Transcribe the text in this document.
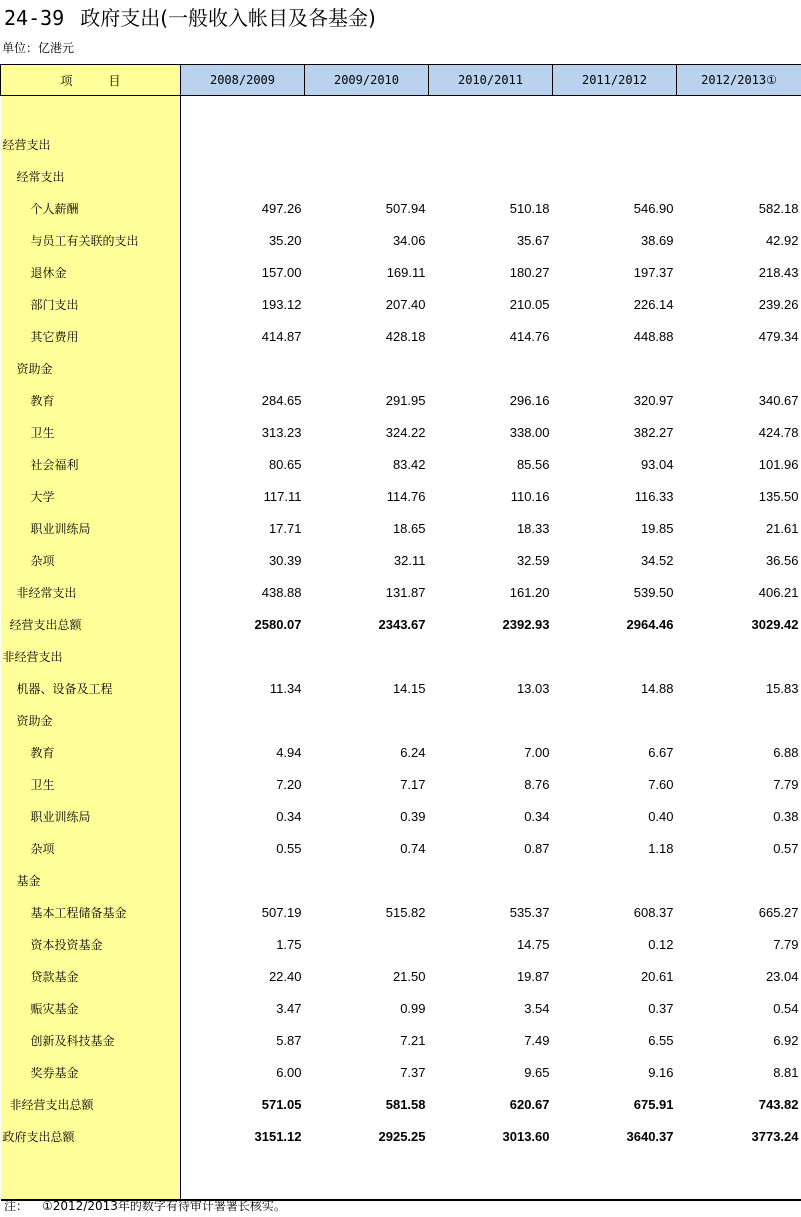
24-39 政府支出(一般收入帐目及各基金)
单位：亿港元
项 目	2008/2009	2009/2010	2010/2011	2011/2012	2012/2013①

经营支出					
经常支出					
个人薪酬	497.26	507.94	510.18	546.90	582.18
与员工有关联的支出	35.20	34.06	35.67	38.69	42.92
退休金	157.00	169.11	180.27	197.37	218.43
部门支出	193.12	207.40	210.05	226.14	239.26
其它费用	414.87	428.18	414.76	448.88	479.34
资助金					
教育	284.65	291.95	296.16	320.97	340.67
卫生	313.23	324.22	338.00	382.27	424.78
社会福利	80.65	83.42	85.56	93.04	101.96
大学	117.11	114.76	110.16	116.33	135.50
职业训练局	17.71	18.65	18.33	19.85	21.61
杂项	30.39	32.11	32.59	34.52	36.56
非经常支出	438.88	131.87	161.20	539.50	406.21
经营支出总额	2580.07	2343.67	2392.93	2964.46	3029.42
非经营支出					
机器、设备及工程	11.34	14.15	13.03	14.88	15.83
资助金					
教育	4.94	6.24	7.00	6.67	6.88
卫生	7.20	7.17	8.76	7.60	7.79
职业训练局	0.34	0.39	0.34	0.40	0.38
杂项	0.55	0.74	0.87	1.18	0.57
基金					
基本工程储备基金	507.19	515.82	535.37	608.37	665.27
资本投资基金	1.75		14.75	0.12	7.79
贷款基金	22.40	21.50	19.87	20.61	23.04
赈灾基金	3.47	0.99	3.54	0.37	0.54
创新及科技基金	5.87	7.21	7.49	6.55	6.92
奖券基金	6.00	7.37	9.65	9.16	8.81
非经营支出总额	571.05	581.58	620.67	675.91	743.82
政府支出总额	3151.12	2925.25	3013.60	3640.37	3773.24

注： ①2012/2013年的数字有待审计署署长核实。
